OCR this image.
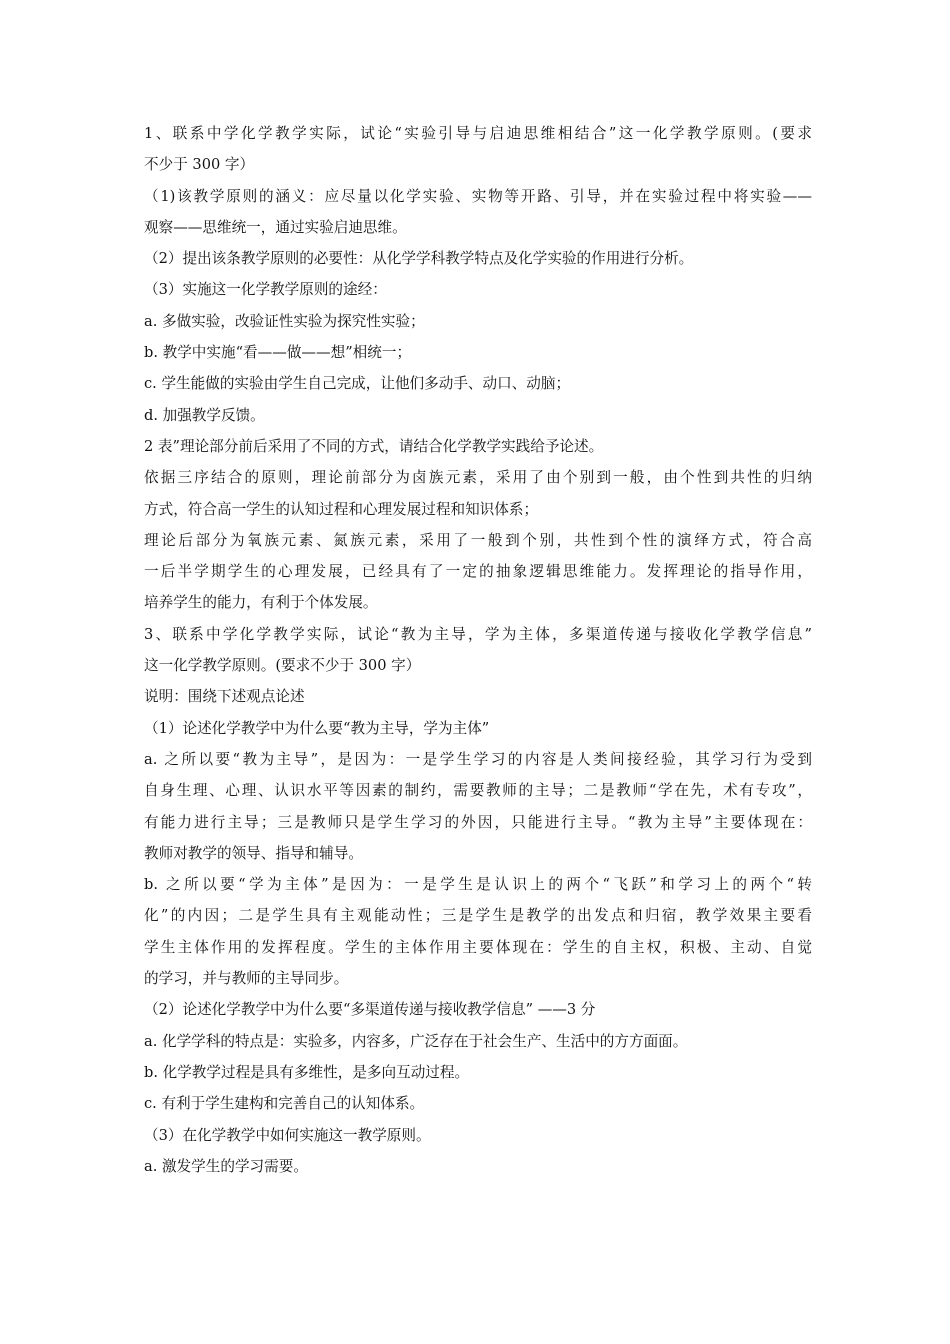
1、联系中学化学教学实际，试论“实验引导与启迪思维相结合”这一化学教学原则。(要求
不少于 300 字）
（1)该教学原则的涵义：应尽量以化学实验、实物等开路、引导，并在实验过程中将实验——
观察——思维统一，通过实验启迪思维。
（2）提出该条教学原则的必要性：从化学学科教学特点及化学实验的作用进行分析。
（3）实施这一化学教学原则的途经：
a. 多做实验，改验证性实验为探究性实验；
b. 教学中实施“看——做——想”相统一；
c. 学生能做的实验由学生自己完成，让他们多动手、动口、动脑；
d. 加强教学反馈。
2 表”理论部分前后采用了不同的方式，请结合化学教学实践给予论述。
依据三序结合的原则，理论前部分为卤族元素，采用了由个别到一般，由个性到共性的归纳
方式，符合高一学生的认知过程和心理发展过程和知识体系；
理论后部分为氧族元素、氮族元素，采用了一般到个别，共性到个性的演绎方式，符合高
一后半学期学生的心理发展，已经具有了一定的抽象逻辑思维能力。发挥理论的指导作用，
培养学生的能力，有利于个体发展。
3、联系中学化学教学实际，试论“教为主导，学为主体，多渠道传递与接收化学教学信息”
这一化学教学原则。(要求不少于 300 字）
说明：围绕下述观点论述
（1）论述化学教学中为什么要“教为主导，学为主体”
a. 之所以要“教为主导”，是因为：一是学生学习的内容是人类间接经验，其学习行为受到
自身生理、心理、认识水平等因素的制约，需要教师的主导；二是教师“学在先，术有专攻”，
有能力进行主导；三是教师只是学生学习的外因，只能进行主导。“教为主导”主要体现在：
教师对教学的领导、指导和辅导。
b. 之所以要“学为主体”是因为：一是学生是认识上的两个“飞跃”和学习上的两个“转
化”的内因；二是学生具有主观能动性；三是学生是教学的出发点和归宿，教学效果主要看
学生主体作用的发挥程度。学生的主体作用主要体现在：学生的自主权，积极、主动、自觉
的学习，并与教师的主导同步。
（2）论述化学教学中为什么要“多渠道传递与接收教学信息” ——3 分
a. 化学学科的特点是：实验多，内容多，广泛存在于社会生产、生活中的方方面面。
b. 化学教学过程是具有多维性，是多向互动过程。
c. 有利于学生建构和完善自己的认知体系。
（3）在化学教学中如何实施这一教学原则。
a. 激发学生的学习需要。
